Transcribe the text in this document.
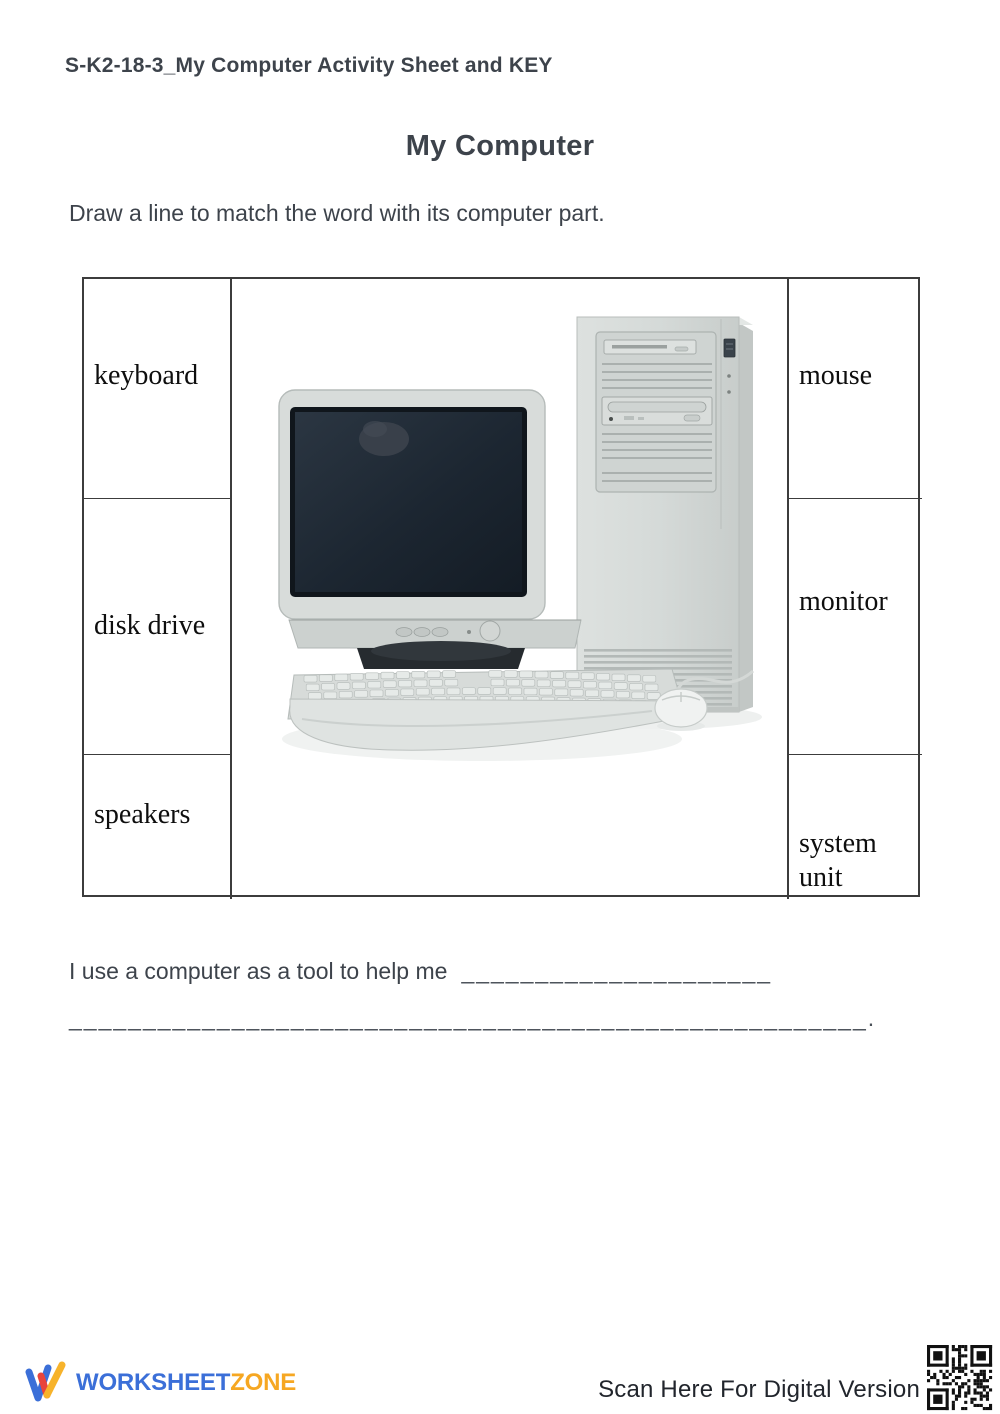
S-K2-18-3_My Computer Activity Sheet and KEY
My Computer
Draw a line to match the word with its computer part.
keyboard
disk drive
speakers
mouse
monitor
system unit
I use a computer as a tool to help me _____________________
______________________________________________________.
WORKSHEETZONE	Scan Here For Digital Version
